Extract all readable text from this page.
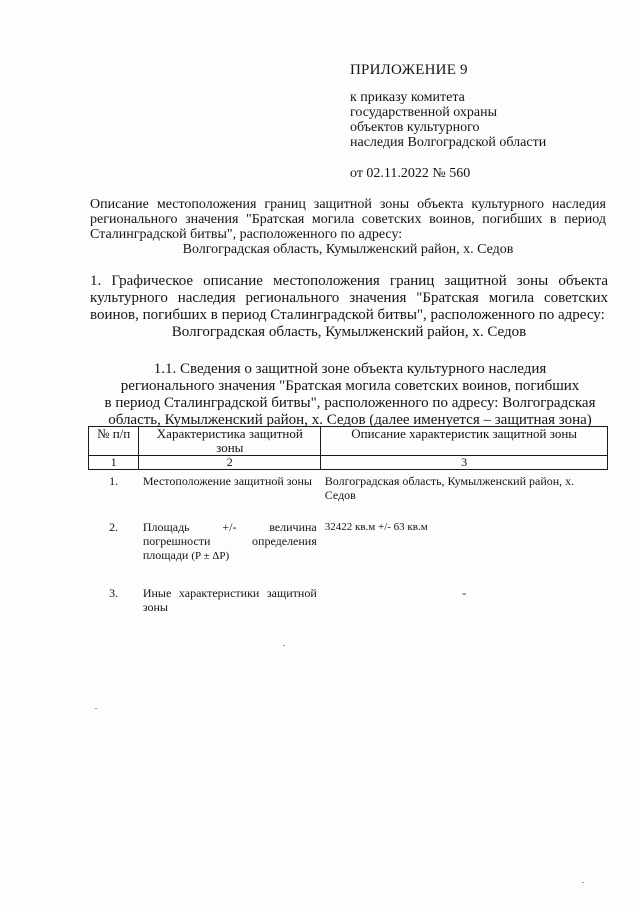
ПРИЛОЖЕНИЕ 9
к приказу комитета
государственной охраны
объектов культурного
наследия Волгоградской области
от 02.11.2022 № 560
Описание местоположения границ защитной зоны объекта культурного наследия регионального значения "Братская могила советских воинов, погибших в период Сталинградской битвы", расположенного по адресу:
Волгоградская область, Кумылженский район, х. Седов
1. Графическое описание местоположения границ защитной зоны объекта культурного наследия регионального значения "Братская могила советских воинов, погибших в период Сталинградской битвы", расположенного по адресу:
Волгоградская область, Кумылженский район, х. Седов
1.1. Сведения о защитной зоне объекта культурного наследия
регионального значения "Братская могила советских воинов, погибших
в период Сталинградской битвы", расположенного по адресу: Волгоградская
область, Кумылженский район, х. Седов (далее именуется – защитная зона)
№ п/п	Характеристика защитной зоны	Описание характеристик защитной зоны
1	2	3
1.	Местоположение защитной зоны	Волгоградская область, Кумылженский район, х. Седов
2.	Площадь +/- величина погрешности определения площади (P ± ΔP)	32422 кв.м +/- 63 кв.м
3.	Иные характеристики защитной зоны	-
